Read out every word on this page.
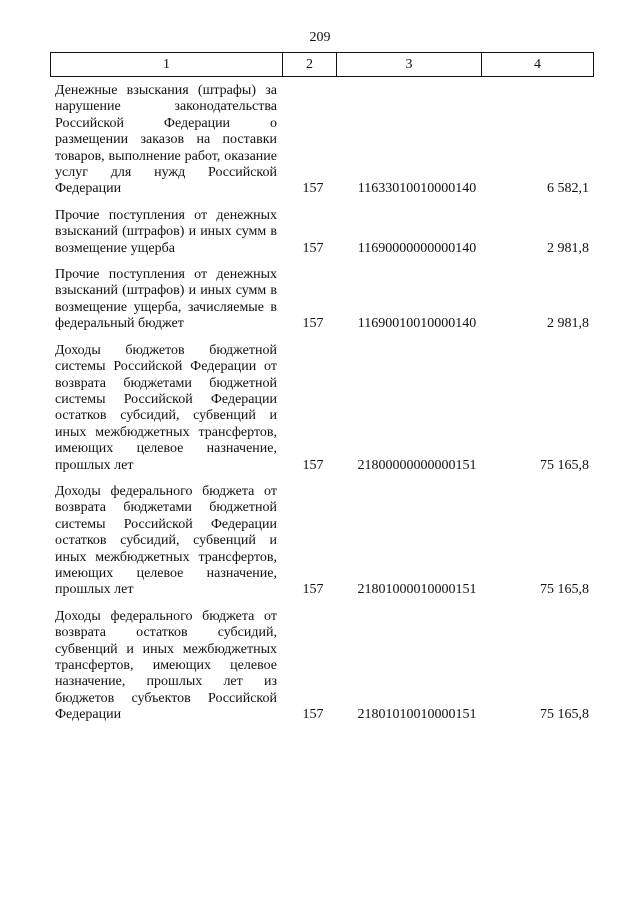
209
1	2	3	4
Денежные взыскания (штрафы) за нарушение законодательства Российской Федерации о размещении заказов на поставки товаров, выполнение работ, оказание услуг для нужд Российской Федерации	157	11633010010000140	6 582,1
Прочие поступления от денежных взысканий (штрафов) и иных сумм в возмещение ущерба	157	11690000000000140	2 981,8
Прочие поступления от денежных взысканий (штрафов) и иных сумм в возмещение ущерба, зачисляемые в федеральный бюджет	157	11690010010000140	2 981,8
Доходы бюджетов бюджетной системы Российской Федерации от возврата бюджетами бюджетной системы Российской Федерации остатков субсидий, субвенций и иных межбюджетных трансфертов, имеющих целевое назначение, прошлых лет	157	21800000000000151	75 165,8
Доходы федерального бюджета от возврата бюджетами бюджетной системы Российской Федерации остатков субсидий, субвенций и иных межбюджетных трансфертов, имеющих целевое назначение, прошлых лет	157	21801000010000151	75 165,8
Доходы федерального бюджета от возврата остатков субсидий, субвенций и иных межбюджетных трансфертов, имеющих целевое назначение, прошлых лет из бюджетов субъектов Российской Федерации	157	21801010010000151	75 165,8
